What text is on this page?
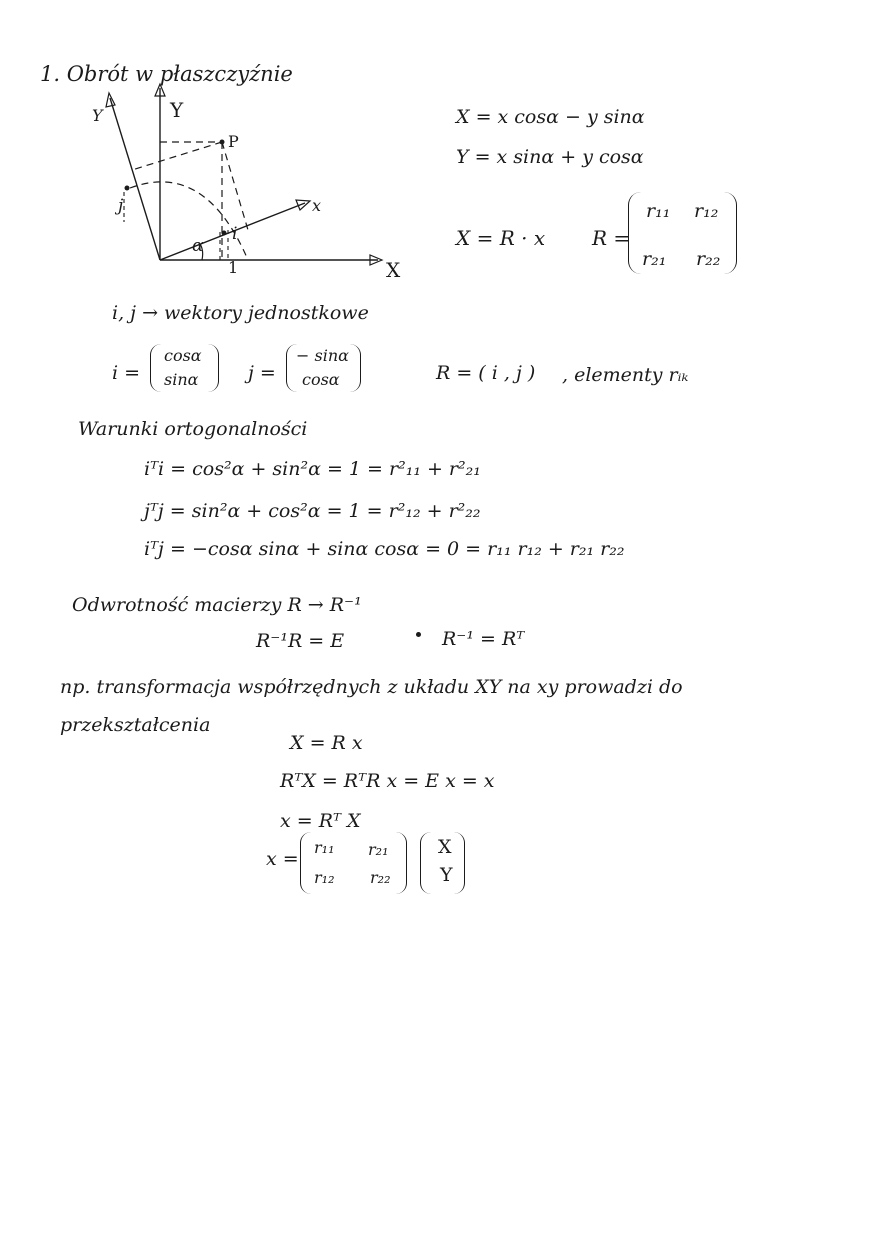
1. Obrót w płaszczyźnie
Y
Y
X
x
P
α
i
j
1
X = x cosα − y sinα
Y = x sinα + y cosα
X = R · x R =
r₁₁ r₁₂
r₂₁ r₂₂
i, j → wektory jednostkowe
i =
cosα
sinα	j =
− sinα
cosα	R = ( i , j ) , elementy rᵢₖ
Warunki ortogonalności
iᵀi = cos²α + sin²α = 1 = r²₁₁ + r²₂₁
jᵀj = sin²α + cos²α = 1 = r²₁₂ + r²₂₂
iᵀj = −cosα sinα + sinα cosα = 0 = r₁₁ r₁₂ + r₂₁ r₂₂
Odwrotność macierzy R → R⁻¹
R⁻¹R = E	R⁻¹ = Rᵀ
np. transformacja współrzędnych z układu XY na xy prowadzi do
przekształcenia
X = R x
RᵀX = RᵀR x = E x = x
x = Rᵀ X
x =
r₁₁ r₂₁
r₁₂ r₂₂
X
Y
